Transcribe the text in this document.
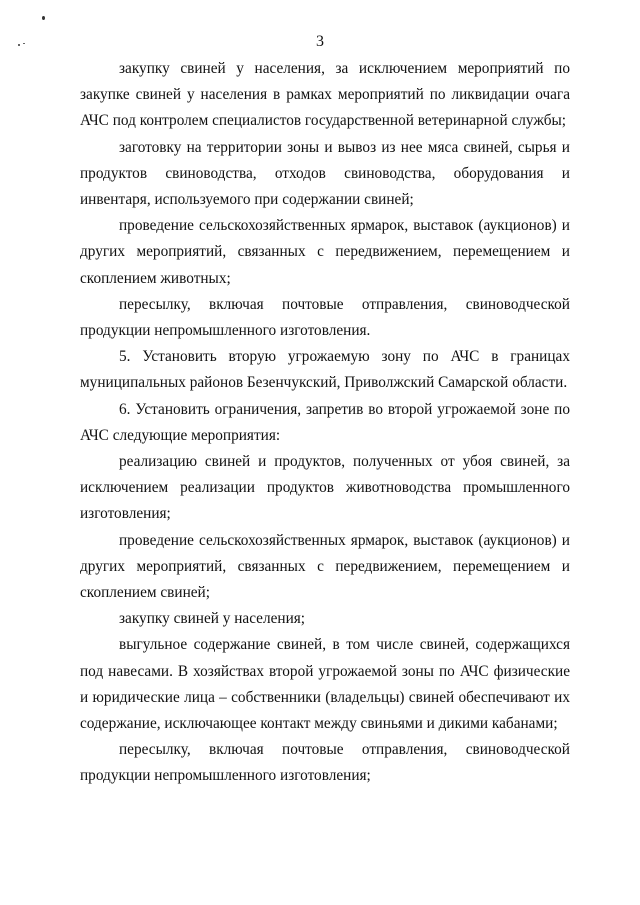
3

закупку свиней у населения, за исключением мероприятий по закупке свиней у населения в рамках мероприятий по ликвидации очага АЧС под контролем специалистов государственной ветеринарной службы;

заготовку на территории зоны и вывоз из нее мяса свиней, сырья и продуктов свиноводства, отходов свиноводства, оборудования и инвентаря, используемого при содержании свиней;

проведение сельскохозяйственных ярмарок, выставок (аукционов) и других мероприятий, связанных с передвижением, перемещением и скоплением животных;

пересылку, включая почтовые отправления, свиноводческой продукции непромышленного изготовления.

5. Установить вторую угрожаемую зону по АЧС в границах муниципальных районов Безенчукский, Приволжский Самарской области.

6. Установить ограничения, запретив во второй угрожаемой зоне по АЧС следующие мероприятия:

реализацию свиней и продуктов, полученных от убоя свиней, за исключением реализации продуктов животноводства промышленного изготовления;

проведение сельскохозяйственных ярмарок, выставок (аукционов) и других мероприятий, связанных с передвижением, перемещением и скоплением свиней;

закупку свиней у населения;

выгульное содержание свиней, в том числе свиней, содержащихся под навесами. В хозяйствах второй угрожаемой зоны по АЧС физические и юридические лица – собственники (владельцы) свиней обеспечивают их содержание, исключающее контакт между свиньями и дикими кабанами;

пересылку, включая почтовые отправления, свиноводческой продукции непромышленного изготовления;
